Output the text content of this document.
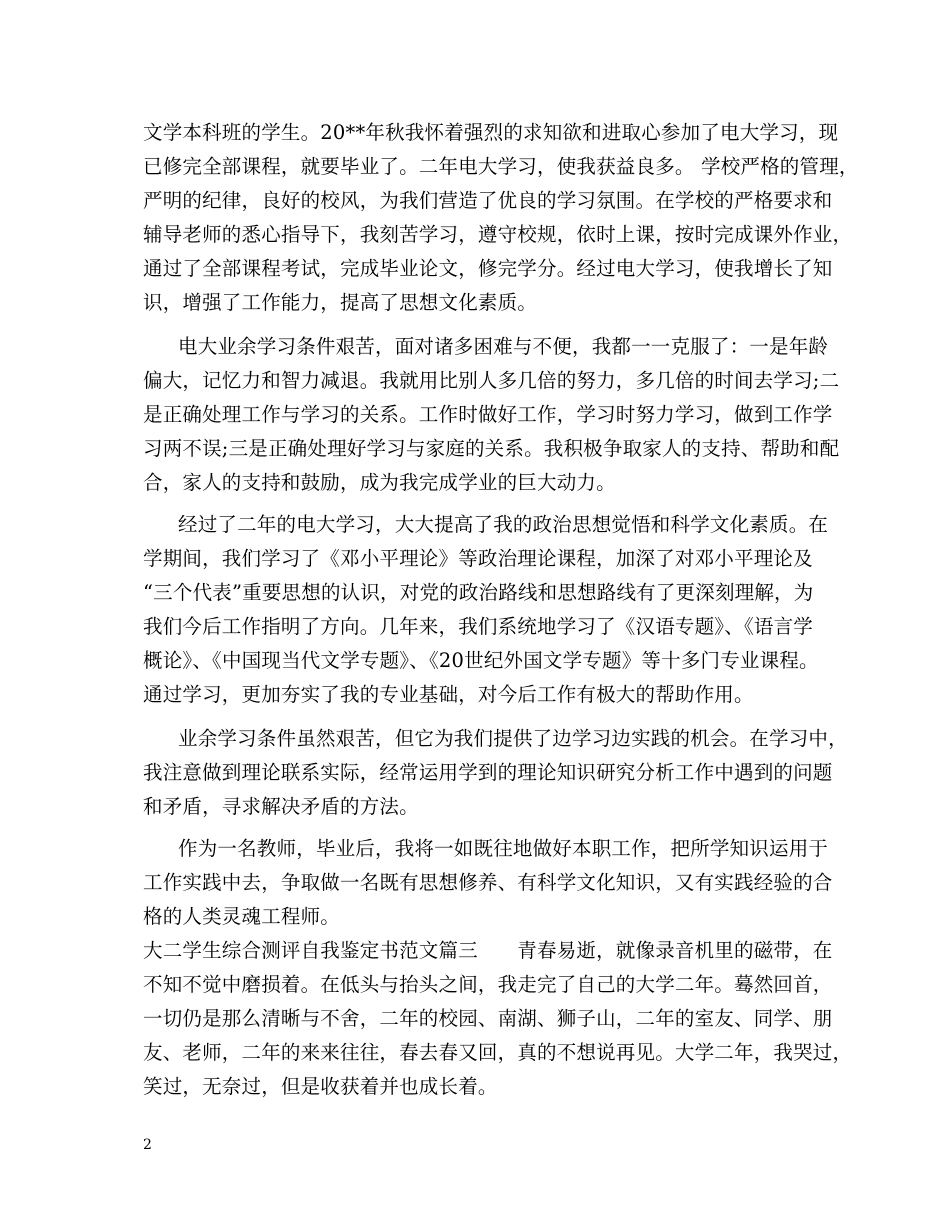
文学本科班的学生。20**年秋我怀着强烈的求知欲和进取心参加了电大学习，现
已修完全部课程，就要毕业了。二年电大学习，使我获益良多。 学校严格的管理，
严明的纪律，良好的校风，为我们营造了优良的学习氛围。在学校的严格要求和
辅导老师的悉心指导下，我刻苦学习，遵守校规，依时上课，按时完成课外作业，
通过了全部课程考试，完成毕业论文，修完学分。经过电大学习，使我增长了知
识，增强了工作能力，提高了思想文化素质。
电大业余学习条件艰苦，面对诸多困难与不便，我都一一克服了：一是年龄
偏大，记忆力和智力减退。我就用比别人多几倍的努力，多几倍的时间去学习;二
是正确处理工作与学习的关系。工作时做好工作，学习时努力学习，做到工作学
习两不误;三是正确处理好学习与家庭的关系。我积极争取家人的支持、帮助和配
合，家人的支持和鼓励，成为我完成学业的巨大动力。
经过了二年的电大学习，大大提高了我的政治思想觉悟和科学文化素质。在
学期间，我们学习了《邓小平理论》等政治理论课程，加深了对邓小平理论及
“三个代表”重要思想的认识，对党的政治路线和思想路线有了更深刻理解，为
我们今后工作指明了方向。几年来，我们系统地学习了《汉语专题》、《语言学
概论》、《中国现当代文学专题》、《20世纪外国文学专题》等十多门专业课程。
通过学习，更加夯实了我的专业基础，对今后工作有极大的帮助作用。
业余学习条件虽然艰苦，但它为我们提供了边学习边实践的机会。在学习中，
我注意做到理论联系实际，经常运用学到的理论知识研究分析工作中遇到的问题
和矛盾，寻求解决矛盾的方法。
作为一名教师，毕业后，我将一如既往地做好本职工作，把所学知识运用于
工作实践中去，争取做一名既有思想修养、有科学文化知识，又有实践经验的合
格的人类灵魂工程师。
大二学生综合测评自我鉴定书范文篇三　　青春易逝，就像录音机里的磁带，在
不知不觉中磨损着。在低头与抬头之间，我走完了自己的大学二年。蓦然回首，
一切仍是那么清晰与不舍，二年的校园、南湖、狮子山，二年的室友、同学、朋
友、老师，二年的来来往往，春去春又回，真的不想说再见。大学二年，我哭过，
笑过，无奈过，但是收获着并也成长着。
2
